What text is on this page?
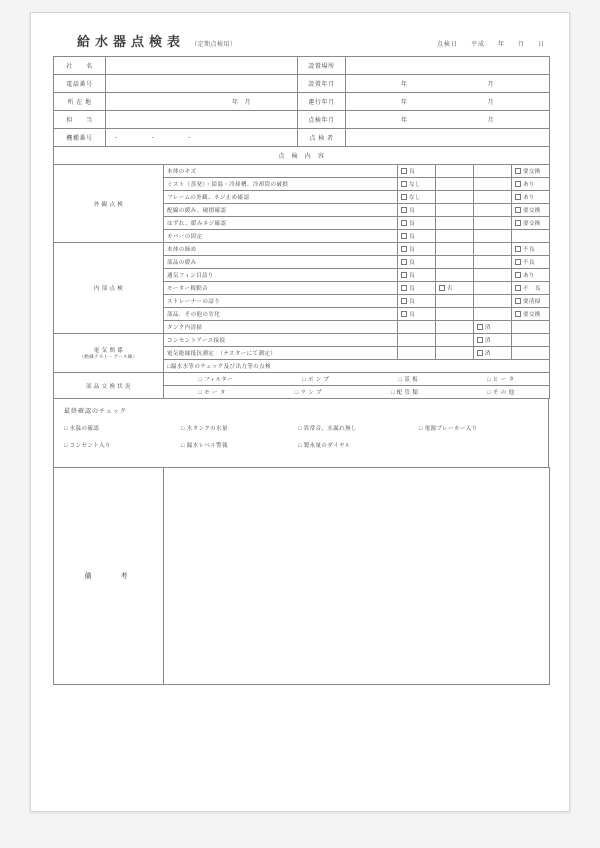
給水器点検表 （定期点検用）	点検日 平成 年 月 日
社　　名		設置場所	
電話番号		設置年月	年 月

所 在 地	年 月	運行年月	年 月

担　　当		点検年月	年 月

機種番号	- - -	点 検 者	
点　検　内　容			
外 観 点 検	本体のキズ	良			要交換
	ミスト（蒸発）・給湯・冷却槽、冷却筒の破損	なし			あり
	フレームの外観、ネジ止め確認	なし			あり
	配線の緩み、破損確認	良			要交換
	はずれ、緩みネジ確認	良			要交換
	カバーの固定	良			
内 部 点 検	本体の締め	良			不良
	部品の緩み	良			不良
	通気フィン目詰り	良			あり
	モーター稼動音	良	否		不　良
	ストレーナーの詰り	良			要清掃
	部品、その他の劣化	良			要交換
	タンク内清掃			済	
電 気 関 係
（絶縁テスト・アース線）	コンセントアース接続			済	
	電気絶縁抵抗測定　（テスターにて測定）			済	
	□漏水水等のチェック及び出力等の点検				
部 品 交 換 状 況	□ フィルター □ ポ ン プ □ 基 板 □ ヒ ー タ				

	□ モ ー タ □ ラ ン プ □ 配 管 類 □ そ の 他				
最終確認のチェック
□ 水温の確認	□ 水タンクの水量	□ 異常音、水漏れ無し	□ 電源ブレーカー入り
□ コンセント入り	□ 漏水レベル警報	□ 製氷量のダイヤル
備　　考	
